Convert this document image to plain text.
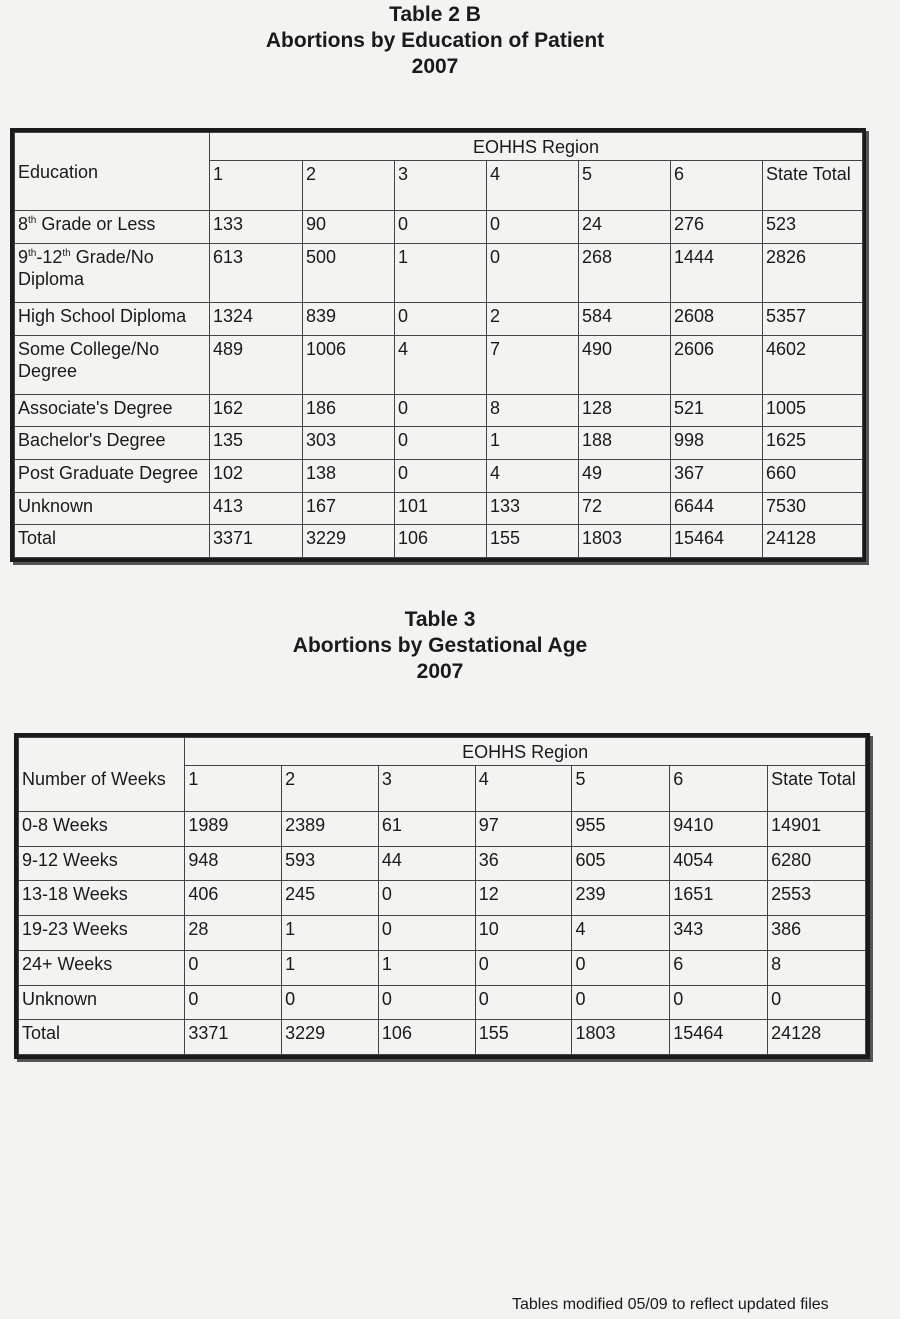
Table 2 B
Abortions by Education of Patient
2007
Education	EOHHS Region						
	1	2	3	4	5	6	State Total
8th Grade or Less	133	90	0	0	24	276	523
9th-12th Grade/No Diploma	613	500	1	0	268	1444	2826
High School Diploma	1324	839	0	2	584	2608	5357
Some College/No Degree	489	1006	4	7	490	2606	4602
Associate's Degree	162	186	0	8	128	521	1005
Bachelor's Degree	135	303	0	1	188	998	1625
Post Graduate Degree	102	138	0	4	49	367	660
Unknown	413	167	101	133	72	6644	7530
Total	3371	3229	106	155	1803	15464	24128
Table 3
Abortions by Gestational Age
2007
Number of Weeks	EOHHS Region						
	1	2	3	4	5	6	State Total
0-8 Weeks	1989	2389	61	97	955	9410	14901
9-12 Weeks	948	593	44	36	605	4054	6280
13-18 Weeks	406	245	0	12	239	1651	2553
19-23 Weeks	28	1	0	10	4	343	386
24+ Weeks	0	1	1	0	0	6	8
Unknown	0	0	0	0	0	0	0
Total	3371	3229	106	155	1803	15464	24128
Tables modified 05/09 to reflect updated files
